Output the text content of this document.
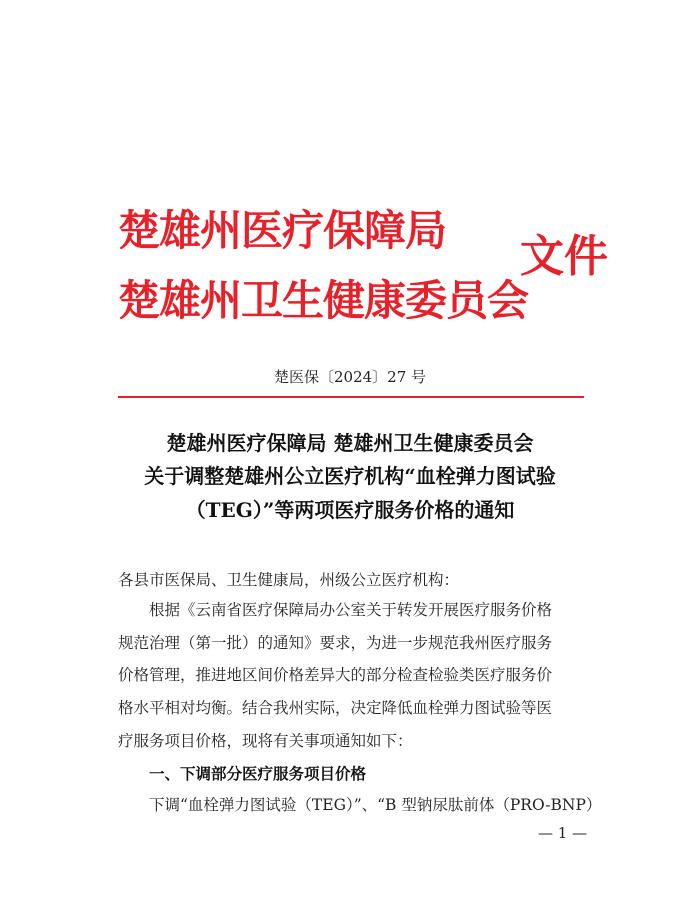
楚雄州医疗保障局
楚雄州卫生健康委员会
文件
楚医保〔2024〕27 号
楚雄州医疗保障局 楚雄州卫生健康委员会
关于调整楚雄州公立医疗机构“血栓弹力图试验
（TEG）”等两项医疗服务价格的通知
各县市医保局、卫生健康局，州级公立医疗机构：
根据《云南省医疗保障局办公室关于转发开展医疗服务价格
规范治理（第一批）的通知》要求，为进一步规范我州医疗服务
价格管理，推进地区间价格差异大的部分检查检验类医疗服务价
格水平相对均衡。结合我州实际，决定降低血栓弹力图试验等医
疗服务项目价格，现将有关事项通知如下：
一、下调部分医疗服务项目价格
下调“血栓弹力图试验（TEG）”、“B 型钠尿肽前体（PRO-BNP）
— 1 —
